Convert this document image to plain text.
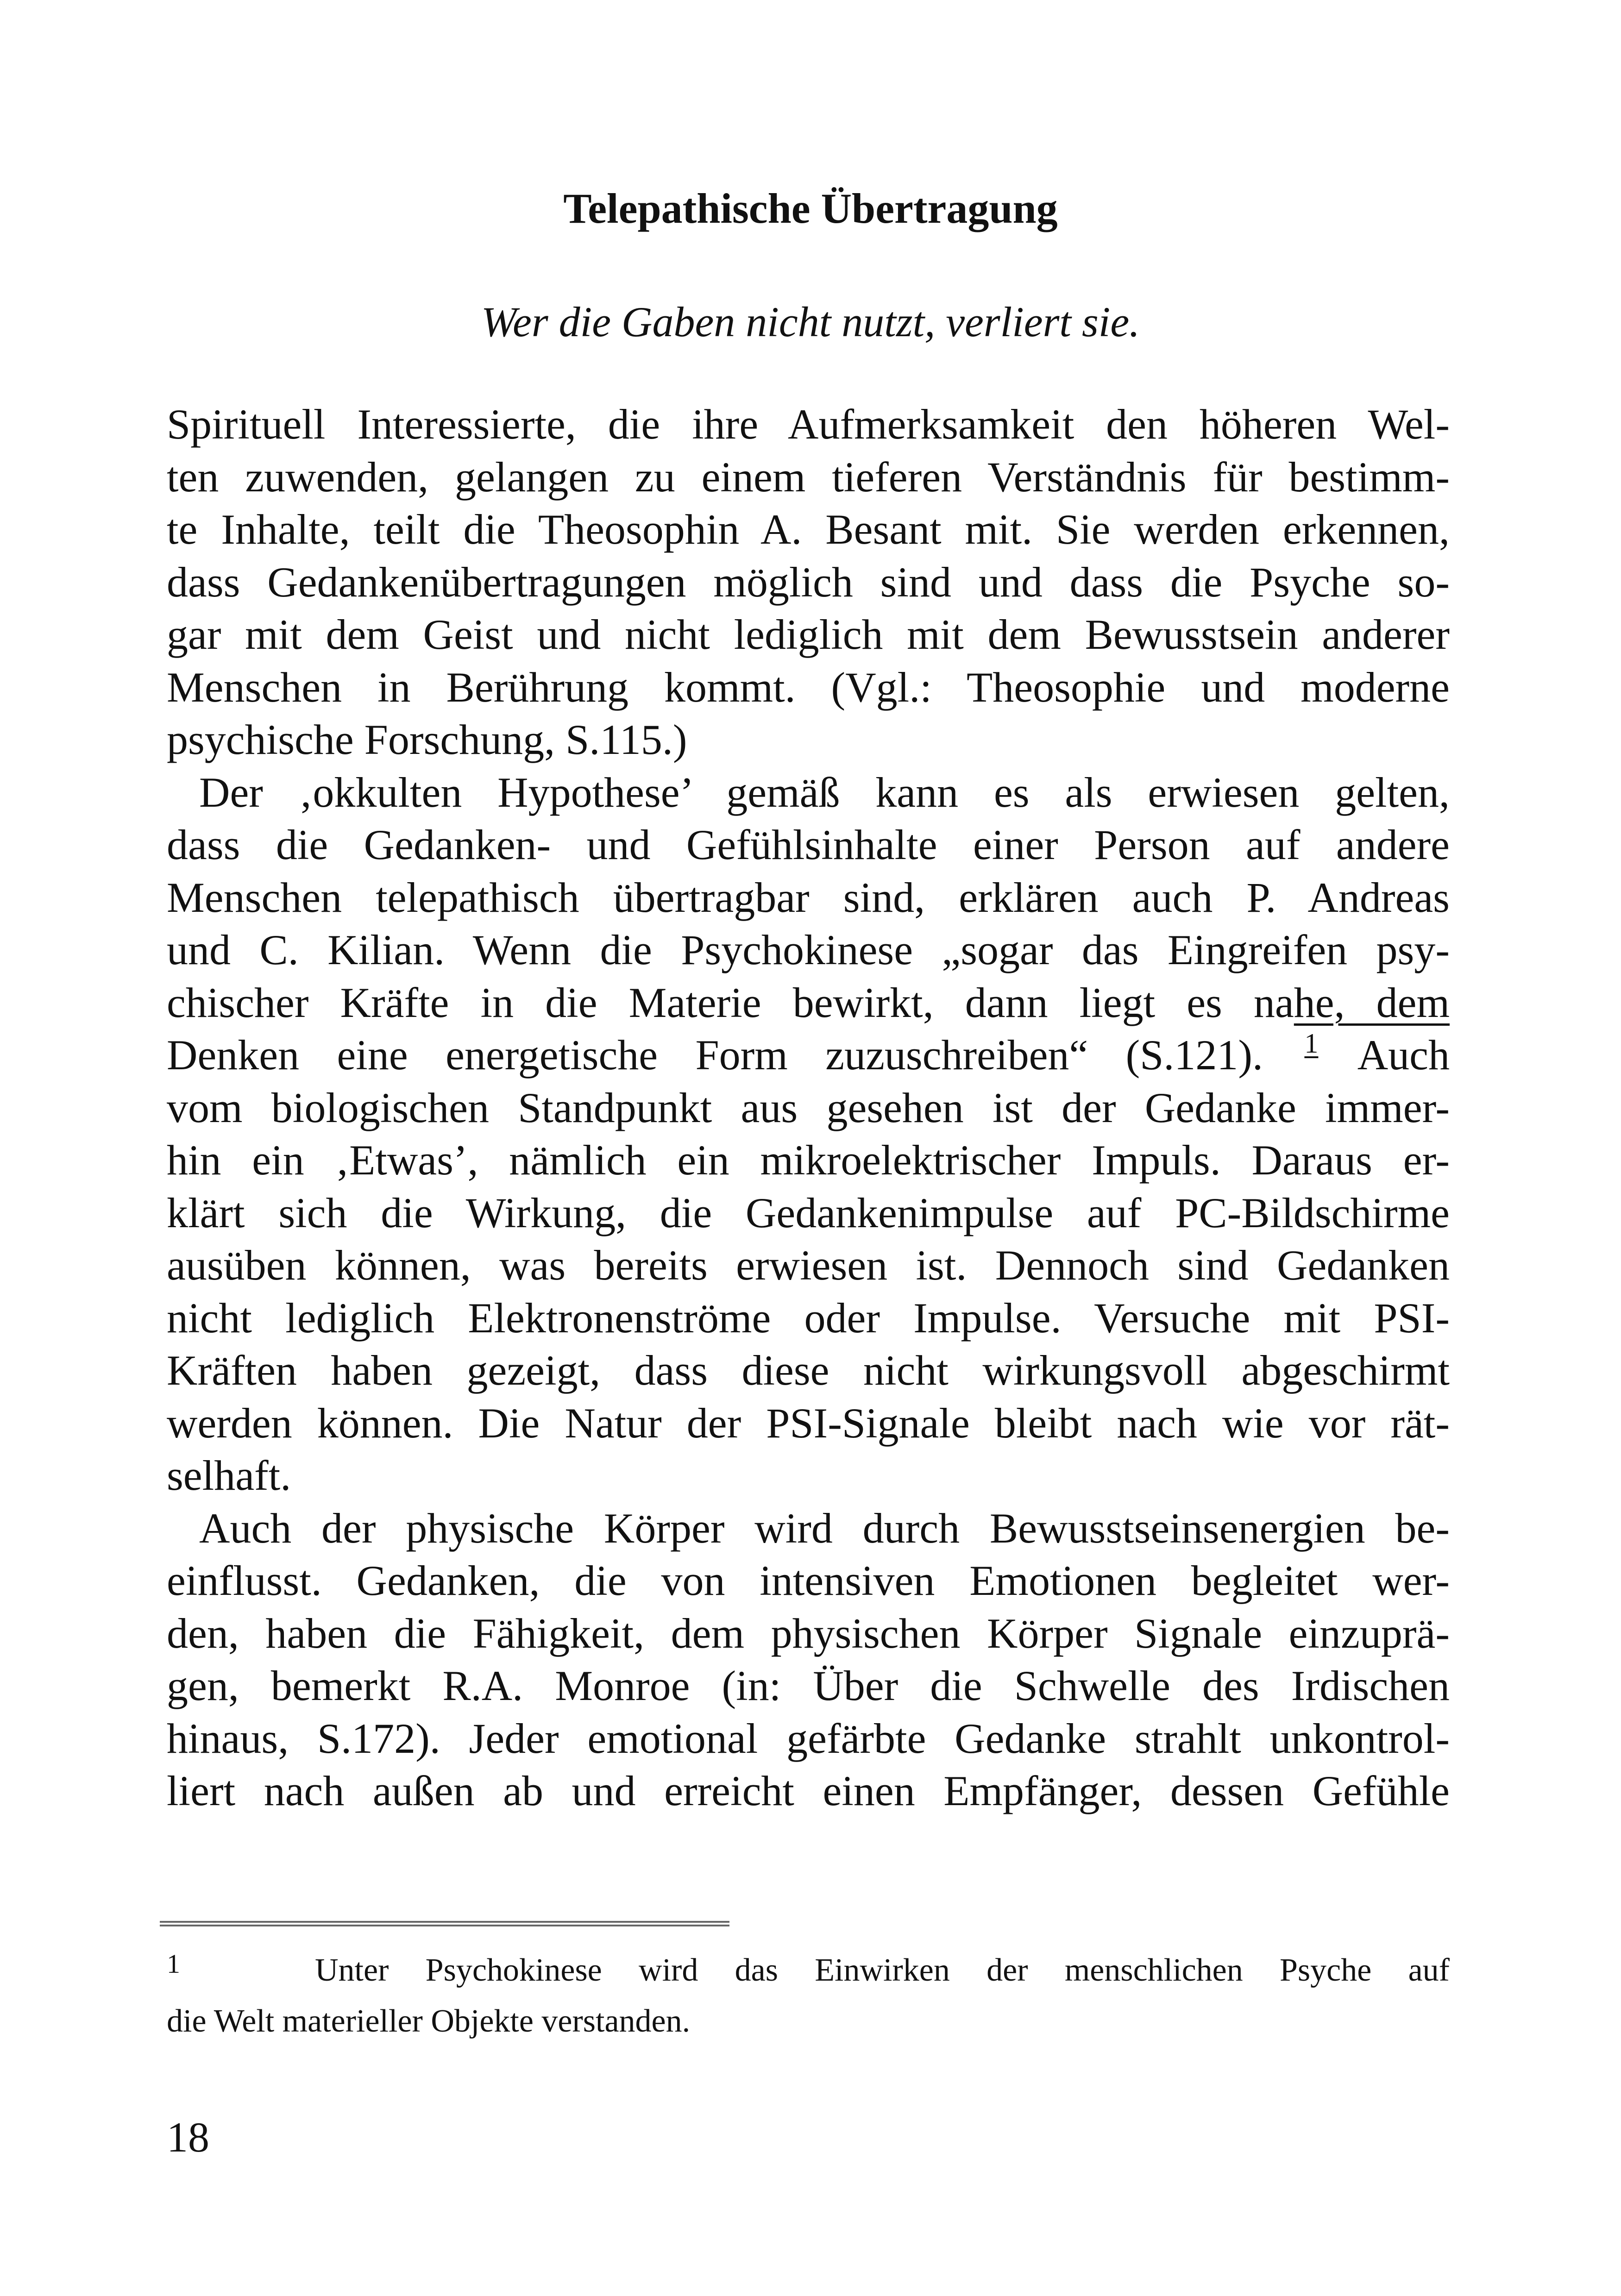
Telepathische Übertragung

Wer die Gaben nicht nutzt, verliert sie.

Spirituell Interessierte, die ihre Aufmerksamkeit den höheren Wel-
ten zuwenden, gelangen zu einem tieferen Verständnis für bestimm-
te Inhalte, teilt die Theosophin A. Besant mit. Sie werden erkennen,
dass Gedankenübertragungen möglich sind und dass die Psyche so-
gar mit dem Geist und nicht lediglich mit dem Bewusstsein anderer
Menschen in Berührung kommt. (Vgl.: Theosophie und moderne
psychische Forschung, S.115.)
Der ‚okkulten Hypothese’ gemäß kann es als erwiesen gelten,
dass die Gedanken- und Gefühlsinhalte einer Person auf andere
Menschen telepathisch übertragbar sind, erklären auch P. Andreas
und C. Kilian. Wenn die Psychokinese „sogar das Eingreifen psy-
chischer Kräfte in die Materie bewirkt, dann liegt es nahe, dem
Denken eine energetische Form zuzuschreiben“ (S.121). 1 Auch
vom biologischen Standpunkt aus gesehen ist der Gedanke immer-
hin ein ‚Etwas’, nämlich ein mikroelektrischer Impuls. Daraus er-
klärt sich die Wirkung, die Gedankenimpulse auf PC-Bildschirme
ausüben können, was bereits erwiesen ist. Dennoch sind Gedanken
nicht lediglich Elektronenströme oder Impulse. Versuche mit PSI-
Kräften haben gezeigt, dass diese nicht wirkungsvoll abgeschirmt
werden können. Die Natur der PSI-Signale bleibt nach wie vor rät-
selhaft.
Auch der physische Körper wird durch Bewusstseinsenergien be-
einflusst. Gedanken, die von intensiven Emotionen begleitet wer-
den, haben die Fähigkeit, dem physischen Körper Signale einzuprä-
gen, bemerkt R.A. Monroe (in: Über die Schwelle des Irdischen
hinaus, S.172). Jeder emotional gefärbte Gedanke strahlt unkontrol-
liert nach außen ab und erreicht einen Empfänger, dessen Gefühle
1	Unter Psychokinese wird das Einwirken der menschlichen Psyche auf
die Welt materieller Objekte verstanden.
18
